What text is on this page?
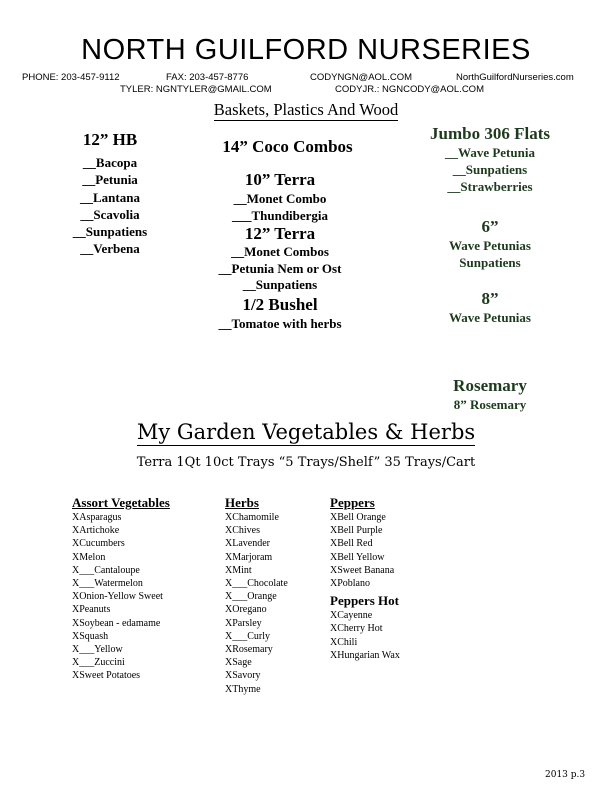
NORTH GUILFORD NURSERIES
PHONE: 203-457-9112	FAX: 203-457-8776	CODYNGN@AOL.COM	NorthGuilfordNurseries.com
TYLER: NGNTYLER@GMAIL.COM	CODYJR.: NGNCODY@AOL.COM
Baskets, Plastics And Wood
12” HB
__Bacopa
__Petunia
__Lantana
__Scavolia
__Sunpatiens
__Verbena
14” Coco Combos
10” Terra
__Monet Combo
___Thundibergia
12” Terra
__Monet Combos
__Petunia Nem or Ost
__Sunpatiens
1/2 Bushel
__Tomatoe with herbs
Jumbo 306 Flats
__Wave Petunia
__Sunpatiens
__Strawberries
6”
Wave Petunias
Sunpatiens
8”
Wave Petunias
Rosemary
8” Rosemary
My Garden Vegetables & Herbs
Terra 1Qt 10ct Trays “5 Trays/Shelf” 35 Trays/Cart
Assort Vegetables
XAsparagus
XArtichoke
XCucumbers
XMelon
X___Cantaloupe
X___Watermelon
XOnion-Yellow Sweet
XPeanuts
XSoybean - edamame
XSquash
X___Yellow
X___Zuccini
XSweet Potatoes
Herbs
XChamomile
XChives
XLavender
XMarjoram
XMint
X___Chocolate
X___Orange
XOregano
XParsley
X___Curly
XRosemary
XSage
XSavory
XThyme
Peppers
XBell Orange
XBell Purple
XBell Red
XBell Yellow
XSweet Banana
XPoblano
Peppers Hot
XCayenne
XCherry Hot
XChili
XHungarian Wax
2013 p.3
